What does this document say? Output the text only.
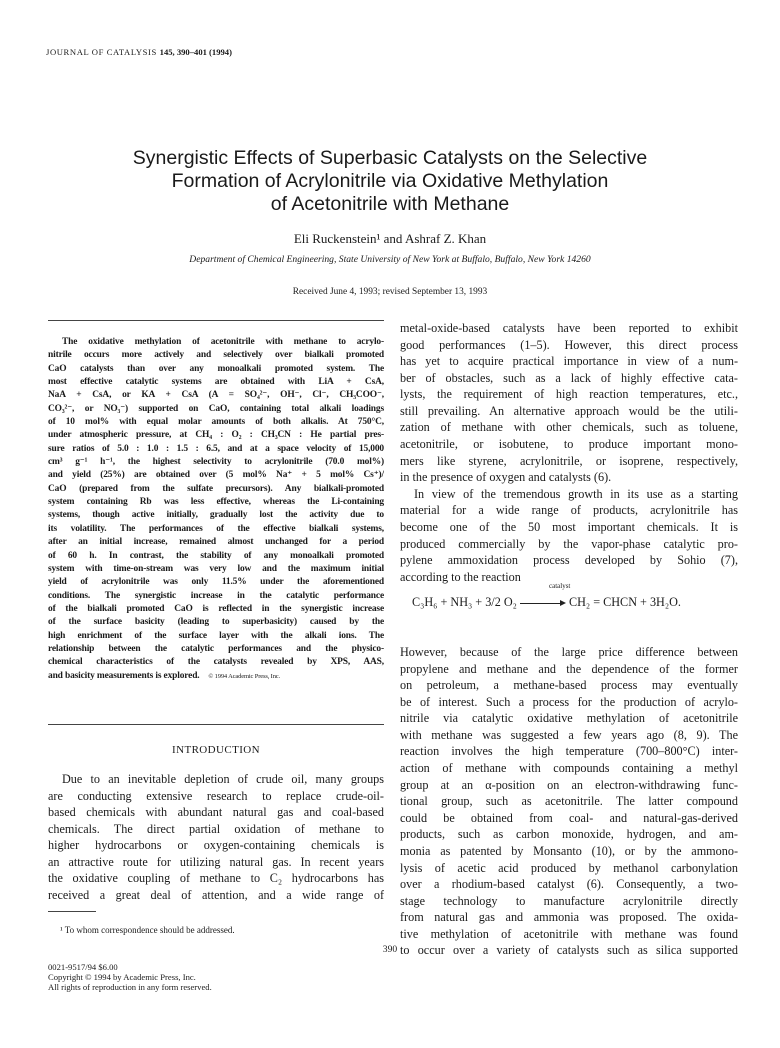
JOURNAL OF CATALYSIS 145, 390–401 (1994)
Synergistic Effects of Superbasic Catalysts on the Selective
Formation of Acrylonitrile via Oxidative Methylation
of Acetonitrile with Methane
Eli Ruckenstein¹ and Ashraf Z. Khan
Department of Chemical Engineering, State University of New York at Buffalo, Buffalo, New York 14260
Received June 4, 1993; revised September 13, 1993
The oxidative methylation of acetonitrile with methane to acrylo-
nitrile occurs more actively and selectively over bialkali promoted
CaO catalysts than over any monoalkali promoted system. The
most effective catalytic systems are obtained with LiA + CsA,
NaA + CsA, or KA + CsA (A = SO₄²⁻, OH⁻, Cl⁻, CH₃COO⁻,
CO₃²⁻, or NO₃⁻) supported on CaO, containing total alkali loadings
of 10 mol% with equal molar amounts of both alkalis. At 750°C,
under atmospheric pressure, at CH₄ : O₂ : CH₃CN : He partial pres-
sure ratios of 5.0 : 1.0 : 1.5 : 6.5, and at a space velocity of 15,000
cm³ g⁻¹ h⁻¹, the highest selectivity to acrylonitrile (70.0 mol%)
and yield (25%) are obtained over (5 mol% Na⁺ + 5 mol% Cs⁺)/
CaO (prepared from the sulfate precursors). Any bialkali-promoted
system containing Rb was less effective, whereas the Li-containing
systems, though active initially, gradually lost the activity due to
its volatility. The performances of the effective bialkali systems,
after an initial increase, remained almost unchanged for a period
of 60 h. In contrast, the stability of any monoalkali promoted
system with time-on-stream was very low and the maximum initial
yield of acrylonitrile was only 11.5% under the aforementioned
conditions. The synergistic increase in the catalytic performance
of the bialkali promoted CaO is reflected in the synergistic increase
of the surface basicity (leading to superbasicity) caused by the
high enrichment of the surface layer with the alkali ions. The
relationship between the catalytic performances and the physico-
chemical characteristics of the catalysts revealed by XPS, AAS,
and basicity measurements is explored. © 1994 Academic Press, Inc.
INTRODUCTION
Due to an inevitable depletion of crude oil, many groups
are conducting extensive research to replace crude-oil-
based chemicals with abundant natural gas and coal-based
chemicals. The direct partial oxidation of methane to
higher hydrocarbons or oxygen-containing chemicals is
an attractive route for utilizing natural gas. In recent years
the oxidative coupling of methane to C₂ hydrocarbons has
received a great deal of attention, and a wide range of
metal-oxide-based catalysts have been reported to exhibit
good performances (1–5). However, this direct process
has yet to acquire practical importance in view of a num-
ber of obstacles, such as a lack of highly effective cata-
lysts, the requirement of high reaction temperatures, etc.,
still prevailing. An alternative approach would be the utili-
zation of methane with other chemicals, such as toluene,
acetonitrile, or isobutene, to produce important mono-
mers like styrene, acrylonitrile, or isoprene, respectively,
in the presence of oxygen and catalysts (6).
In view of the tremendous growth in its use as a starting
material for a wide range of products, acrylonitrile has
become one of the 50 most important chemicals. It is
produced commercially by the vapor-phase catalytic pro-
pylene ammoxidation process developed by Sohio (7),
according to the reaction
C₃H₆ + NH₃ + 3/2 O₂	CH₂ = CHCN + 3H₂O.
catalyst
However, because of the large price difference between
propylene and methane and the dependence of the former
on petroleum, a methane-based process may eventually
be of interest. Such a process for the production of acrylo-
nitrile via catalytic oxidative methylation of acetonitrile
with methane was suggested a few years ago (8, 9). The
reaction involves the high temperature (700–800°C) inter-
action of methane with compounds containing a methyl
group at an α-position on an electron-withdrawing func-
tional group, such as acetonitrile. The latter compound
could be obtained from coal- and natural-gas-derived
products, such as carbon monoxide, hydrogen, and am-
monia as patented by Monsanto (10), or by the ammono-
lysis of acetic acid produced by methanol carbonylation
over a rhodium-based catalyst (6). Consequently, a two-
stage technology to manufacture acrylonitrile directly
from natural gas and ammonia was proposed. The oxida-
tive methylation of acetonitrile with methane was found
to occur over a variety of catalysts such as silica supported
¹ To whom correspondence should be addressed.
390
0021-9517/94 $6.00
Copyright © 1994 by Academic Press, Inc.
All rights of reproduction in any form reserved.
